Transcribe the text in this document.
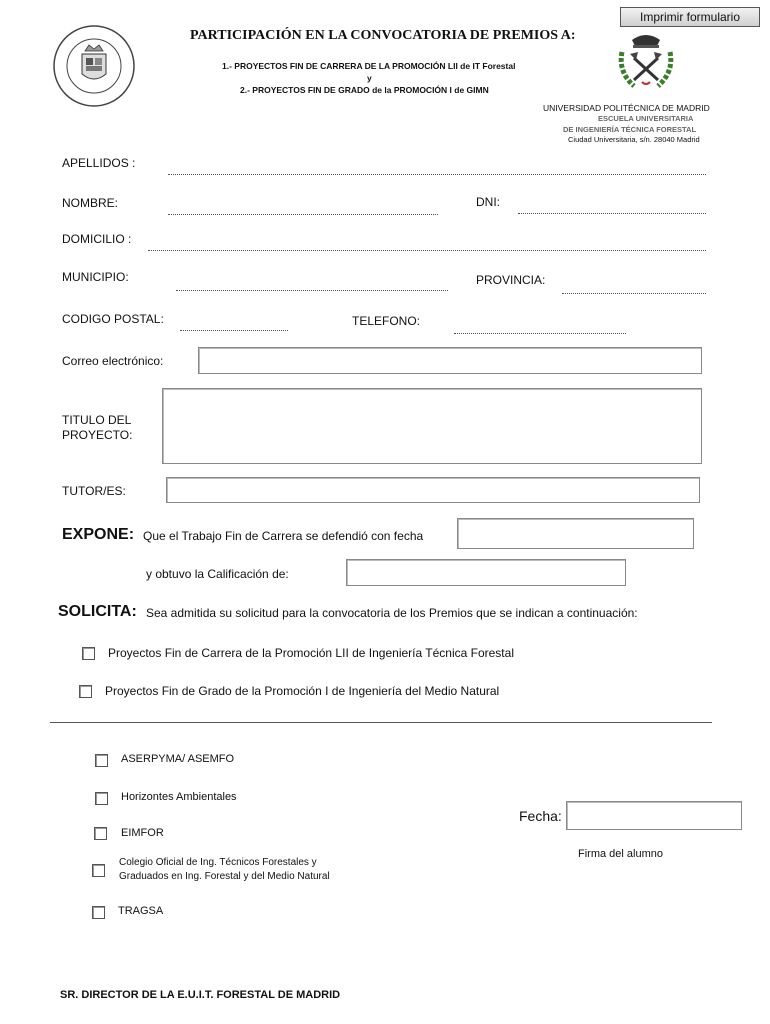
Imprimir formulario
PARTICIPACIÓN EN LA CONVOCATORIA DE PREMIOS A:
1.- PROYECTOS FIN DE CARRERA DE LA PROMOCIÓN LII de IT Forestal
y
2.- PROYECTOS FIN DE GRADO de la PROMOCIÓN I de GIMN
UNIVERSIDAD POLITÉCNICA DE MADRID
ESCUELA UNIVERSITARIA
DE INGENIERÍA TÉCNICA FORESTAL
Ciudad Universitaria, s/n. 28040 Madrid
APELLIDOS :
NOMBRE:	DNI:
DOMICILIO :
MUNICIPIO:	PROVINCIA:
CODIGO POSTAL:	TELEFONO:
Correo electrónico:
TITULO DEL
PROYECTO:
TUTOR/ES:
EXPONE: Que el Trabajo Fin de Carrera se defendió con fecha
y obtuvo la Calificación de:
SOLICITA: Sea admitida su solicitud para la convocatoria de los Premios que se indican a continuación:
Proyectos Fin de Carrera de la Promoción LII de Ingeniería Técnica Forestal
Proyectos Fin de Grado de la Promoción I de Ingeniería del Medio Natural
ASERPYMA/ ASEMFO
Horizontes Ambientales
EIMFOR
Colegio Oficial de Ing. Técnicos Forestales y
Graduados en Ing. Forestal y del Medio Natural
TRAGSA
Fecha:
Firma del alumno
SR. DIRECTOR DE LA E.U.I.T. FORESTAL DE MADRID
